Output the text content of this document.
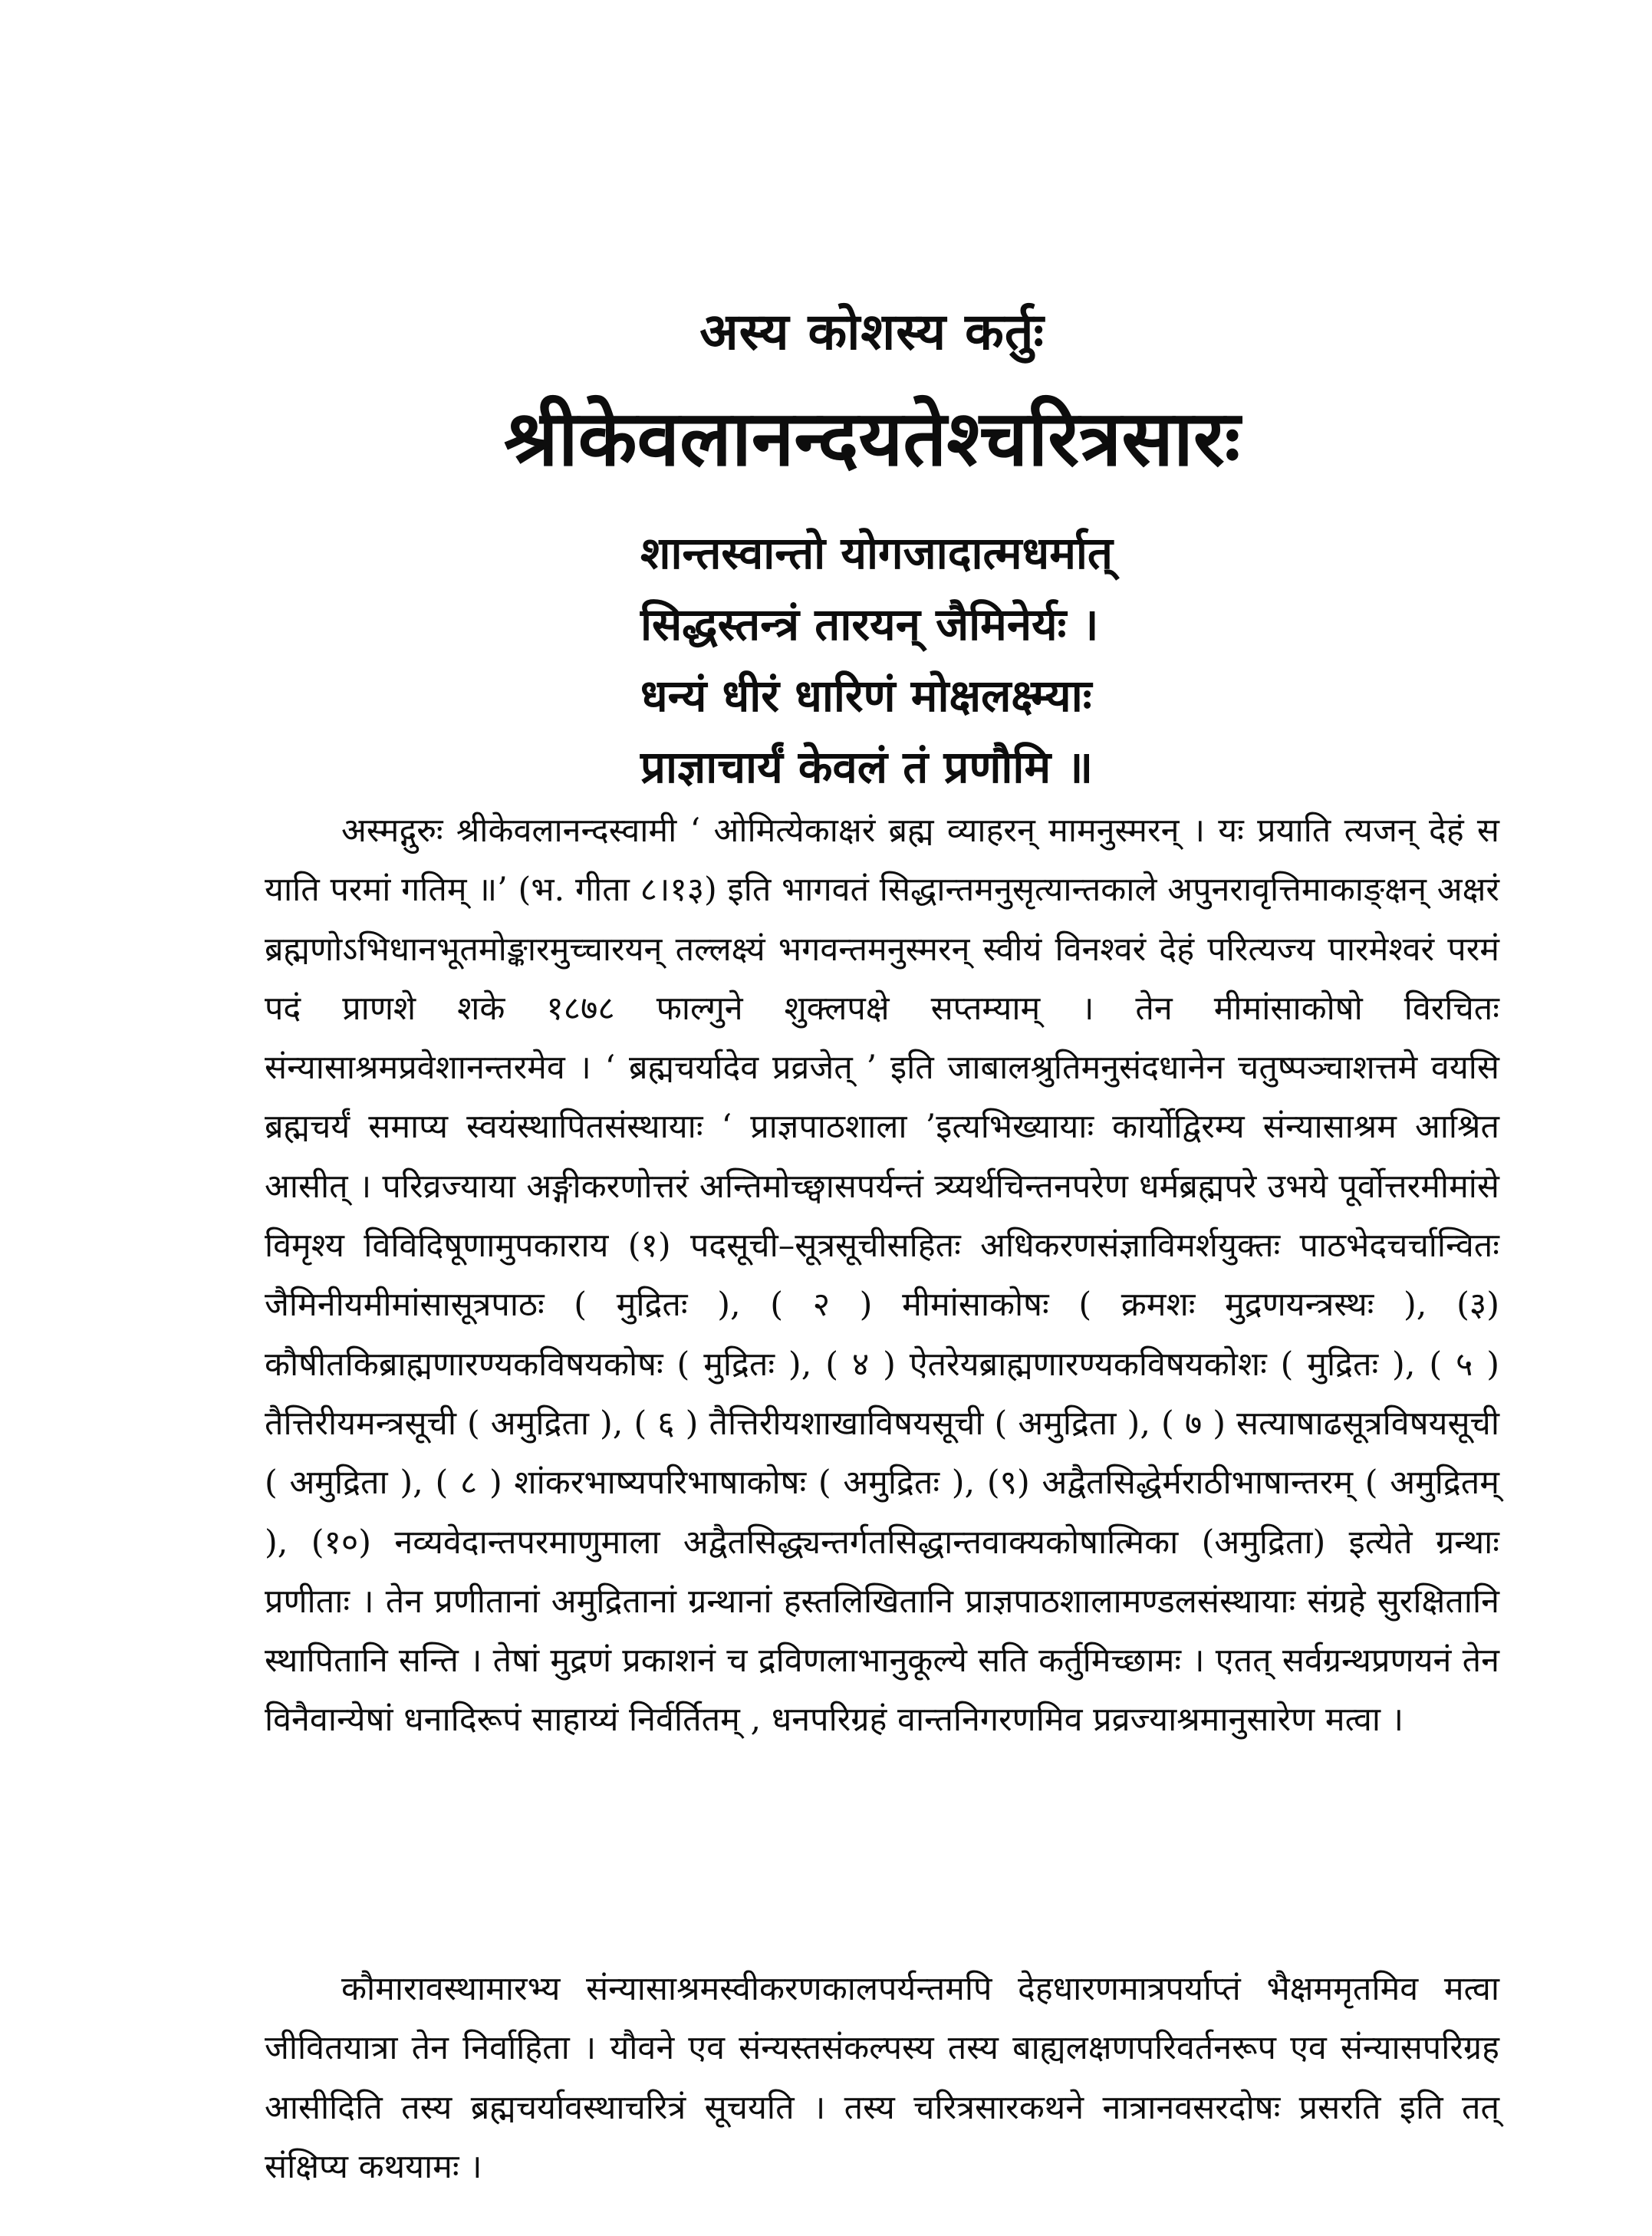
अस्य कोशस्य कर्तुः
श्रीकेवलानन्दयतेश्चरित्रसारः
शान्तस्वान्तो योगजादात्मधर्मात्
सिद्धस्तन्त्रं तारयन् जैमिनेर्यः ।
धन्यं धीरं धारिणं मोक्षलक्ष्म्याः
प्राज्ञाचार्यं केवलं तं प्रणौमि ॥
अस्मद्गुरुः श्रीकेवलानन्दस्वामी ‘ ओमित्येकाक्षरं ब्रह्म व्याहरन् मामनुस्मरन् । यः प्रयाति त्यजन् देहं स याति परमां गतिम् ॥’ (भ. गीता ८।१३) इति भागवतं सिद्धान्तमनुसृत्यान्तकाले अपुनरावृत्तिमाकाङ्क्षन् अक्षरं ब्रह्मणोऽभिधानभूतमोङ्कारमुच्चारयन् तल्लक्ष्यं भगवन्तमनुस्मरन् स्वीयं विनश्वरं देहं परित्यज्य पारमेश्वरं परमं पदं प्राणशे शके १८७८ फाल्गुने शुक्लपक्षे सप्तम्याम् । तेन मीमांसाकोषो विरचितः संन्यासाश्रमप्रवेशानन्तरमेव । ‘ ब्रह्मचर्यादेव प्रव्रजेत् ’ इति जाबालश्रुतिमनुसंदधानेन चतुष्पञ्चाशत्तमे वयसि ब्रह्मचर्यं समाप्य स्वयंस्थापितसंस्थायाः ‘ प्राज्ञपाठशाला ’इत्यभिख्यायाः कार्योद्विरम्य संन्यासाश्रम आश्रित आसीत् । परिव्रज्याया अङ्गीकरणोत्तरं अन्तिमोच्छ्वासपर्यन्तं त्र्य्यर्थचिन्तनपरेण धर्मब्रह्मपरे उभये पूर्वोत्तरमीमांसे विमृश्य विविदिषूणामुपकाराय (१) पदसूची–सूत्रसूचीसहितः अधिकरणसंज्ञाविमर्शयुक्तः पाठभेदचर्चान्वितः जैमिनीयमीमांसासूत्रपाठः ( मुद्रितः ), ( २ ) मीमांसाकोषः ( क्रमशः मुद्रणयन्त्रस्थः ), (३) कौषीतकिब्राह्मणारण्यकविषयकोषः ( मुद्रितः ), ( ४ ) ऐतरेयब्राह्मणारण्यकविषयकोशः ( मुद्रितः ), ( ५ ) तैत्तिरीयमन्त्रसूची ( अमुद्रिता ), ( ६ ) तैत्तिरीयशाखाविषयसूची ( अमुद्रिता ), ( ७ ) सत्याषाढसूत्रविषयसूची ( अमुद्रिता ), ( ८ ) शांकरभाष्यपरिभाषाकोषः ( अमुद्रितः ), (९) अद्वैतसिद्धेर्मराठीभाषान्तरम् ( अमुद्रितम् ), (१०) नव्यवेदान्तपरमाणुमाला अद्वैतसिद्ध्यन्तर्गतसिद्धान्तवाक्यकोषात्मिका (अमुद्रिता) इत्येते ग्रन्थाः प्रणीताः । तेन प्रणीतानां अमुद्रितानां ग्रन्थानां हस्तलिखितानि प्राज्ञपाठशालामण्डलसंस्थायाः संग्रहे सुरक्षितानि स्थापितानि सन्ति । तेषां मुद्रणं प्रकाशनं च द्रविणलाभानुकूल्ये सति कर्तुमिच्छामः । एतत् सर्वग्रन्थप्रणयनं तेन विनैवान्येषां धनादिरूपं साहाय्यं निर्वर्तितम् , धनपरिग्रहं वान्तनिगरणमिव प्रव्रज्याश्रमानुसारेण मत्वा ।
कौमारावस्थामारभ्य संन्यासाश्रमस्वीकरणकालपर्यन्तमपि देहधारणमात्रपर्याप्तं भैक्षममृतमिव मत्वा जीवितयात्रा तेन निर्वाहिता । यौवने एव संन्यस्तसंकल्पस्य तस्य बाह्यलक्षणपरिवर्तनरूप एव संन्यासपरिग्रह आसीदिति तस्य ब्रह्मचर्यावस्थाचरित्रं सूचयति । तस्य चरित्रसारकथने नात्रानवसरदोषः प्रसरति इति तत् संक्षिप्य कथयामः ।
